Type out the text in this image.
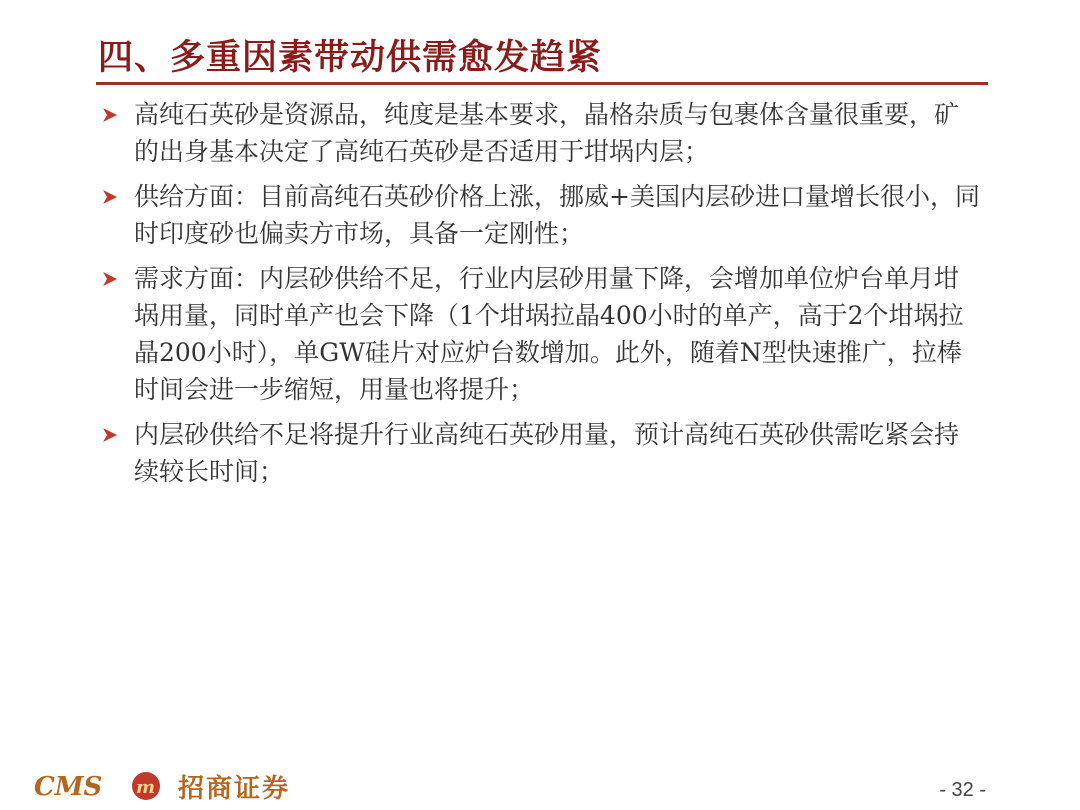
四、多重因素带动供需愈发趋紧
高纯石英砂是资源品，纯度是基本要求，晶格杂质与包裹体含量很重要，矿的出身基本决定了高纯石英砂是否适用于坩埚内层；
供给方面：目前高纯石英砂价格上涨，挪威+美国内层砂进口量增长很小，同时印度砂也偏卖方市场，具备一定刚性；
需求方面：内层砂供给不足，行业内层砂用量下降，会增加单位炉台单月坩埚用量，同时单产也会下降（1个坩埚拉晶400小时的单产，高于2个坩埚拉晶200小时），单GW硅片对应炉台数增加。此外，随着N型快速推广，拉棒时间会进一步缩短，用量也将提升；
内层砂供给不足将提升行业高纯石英砂用量，预计高纯石英砂供需吃紧会持续较长时间；
CMS m 招商证券	- 32 -
